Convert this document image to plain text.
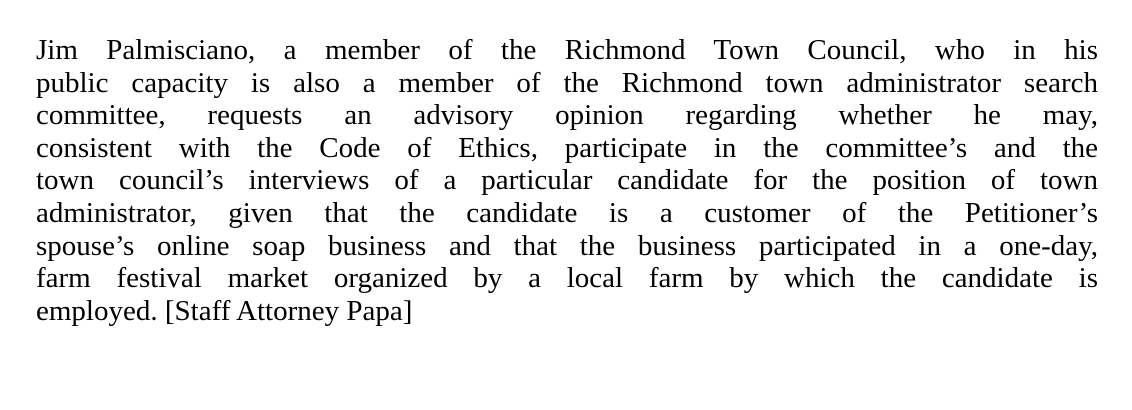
Jim Palmisciano, a member of the Richmond Town Council, who in his
public capacity is also a member of the Richmond town administrator search
committee, requests an advisory opinion regarding whether he may,
consistent with the Code of Ethics, participate in the committee’s and the
town council’s interviews of a particular candidate for the position of town
administrator, given that the candidate is a customer of the Petitioner’s
spouse’s online soap business and that the business participated in a one-day,
farm festival market organized by a local farm by which the candidate is
employed. [Staff Attorney Papa]
